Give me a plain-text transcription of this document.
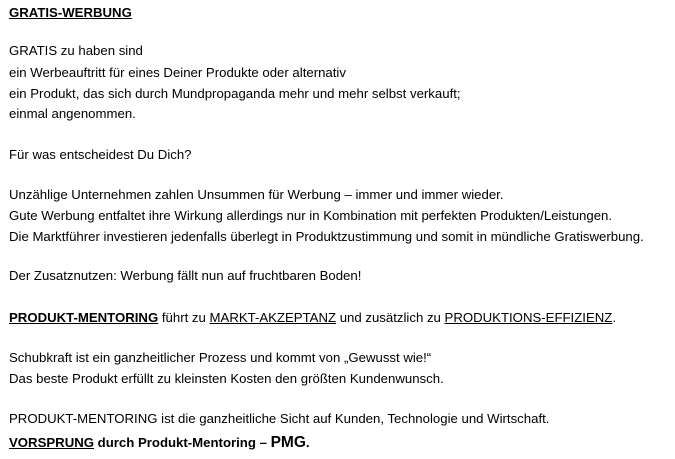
GRATIS-WERBUNG
GRATIS zu haben sind
ein Werbeauftritt für eines Deiner Produkte oder alternativ
ein Produkt, das sich durch Mundpropaganda mehr und mehr selbst verkauft;
einmal angenommen.
Für was entscheidest Du Dich?
Unzählige Unternehmen zahlen Unsummen für Werbung – immer und immer wieder.
Gute Werbung entfaltet ihre Wirkung allerdings nur in Kombination mit perfekten Produkten/Leistungen.
Die Marktführer investieren jedenfalls überlegt in Produktzustimmung und somit in mündliche Gratiswerbung.
Der Zusatznutzen: Werbung fällt nun auf fruchtbaren Boden!
PRODUKT-MENTORING führt zu MARKT-AKZEPTANZ und zusätzlich zu PRODUKTIONS-EFFIZIENZ.
Schubkraft ist ein ganzheitlicher Prozess und kommt von „Gewusst wie!“
Das beste Produkt erfüllt zu kleinsten Kosten den größten Kundenwunsch.
PRODUKT-MENTORING ist die ganzheitliche Sicht auf Kunden, Technologie und Wirtschaft.
VORSPRUNG durch Produkt-Mentoring – PMG.
